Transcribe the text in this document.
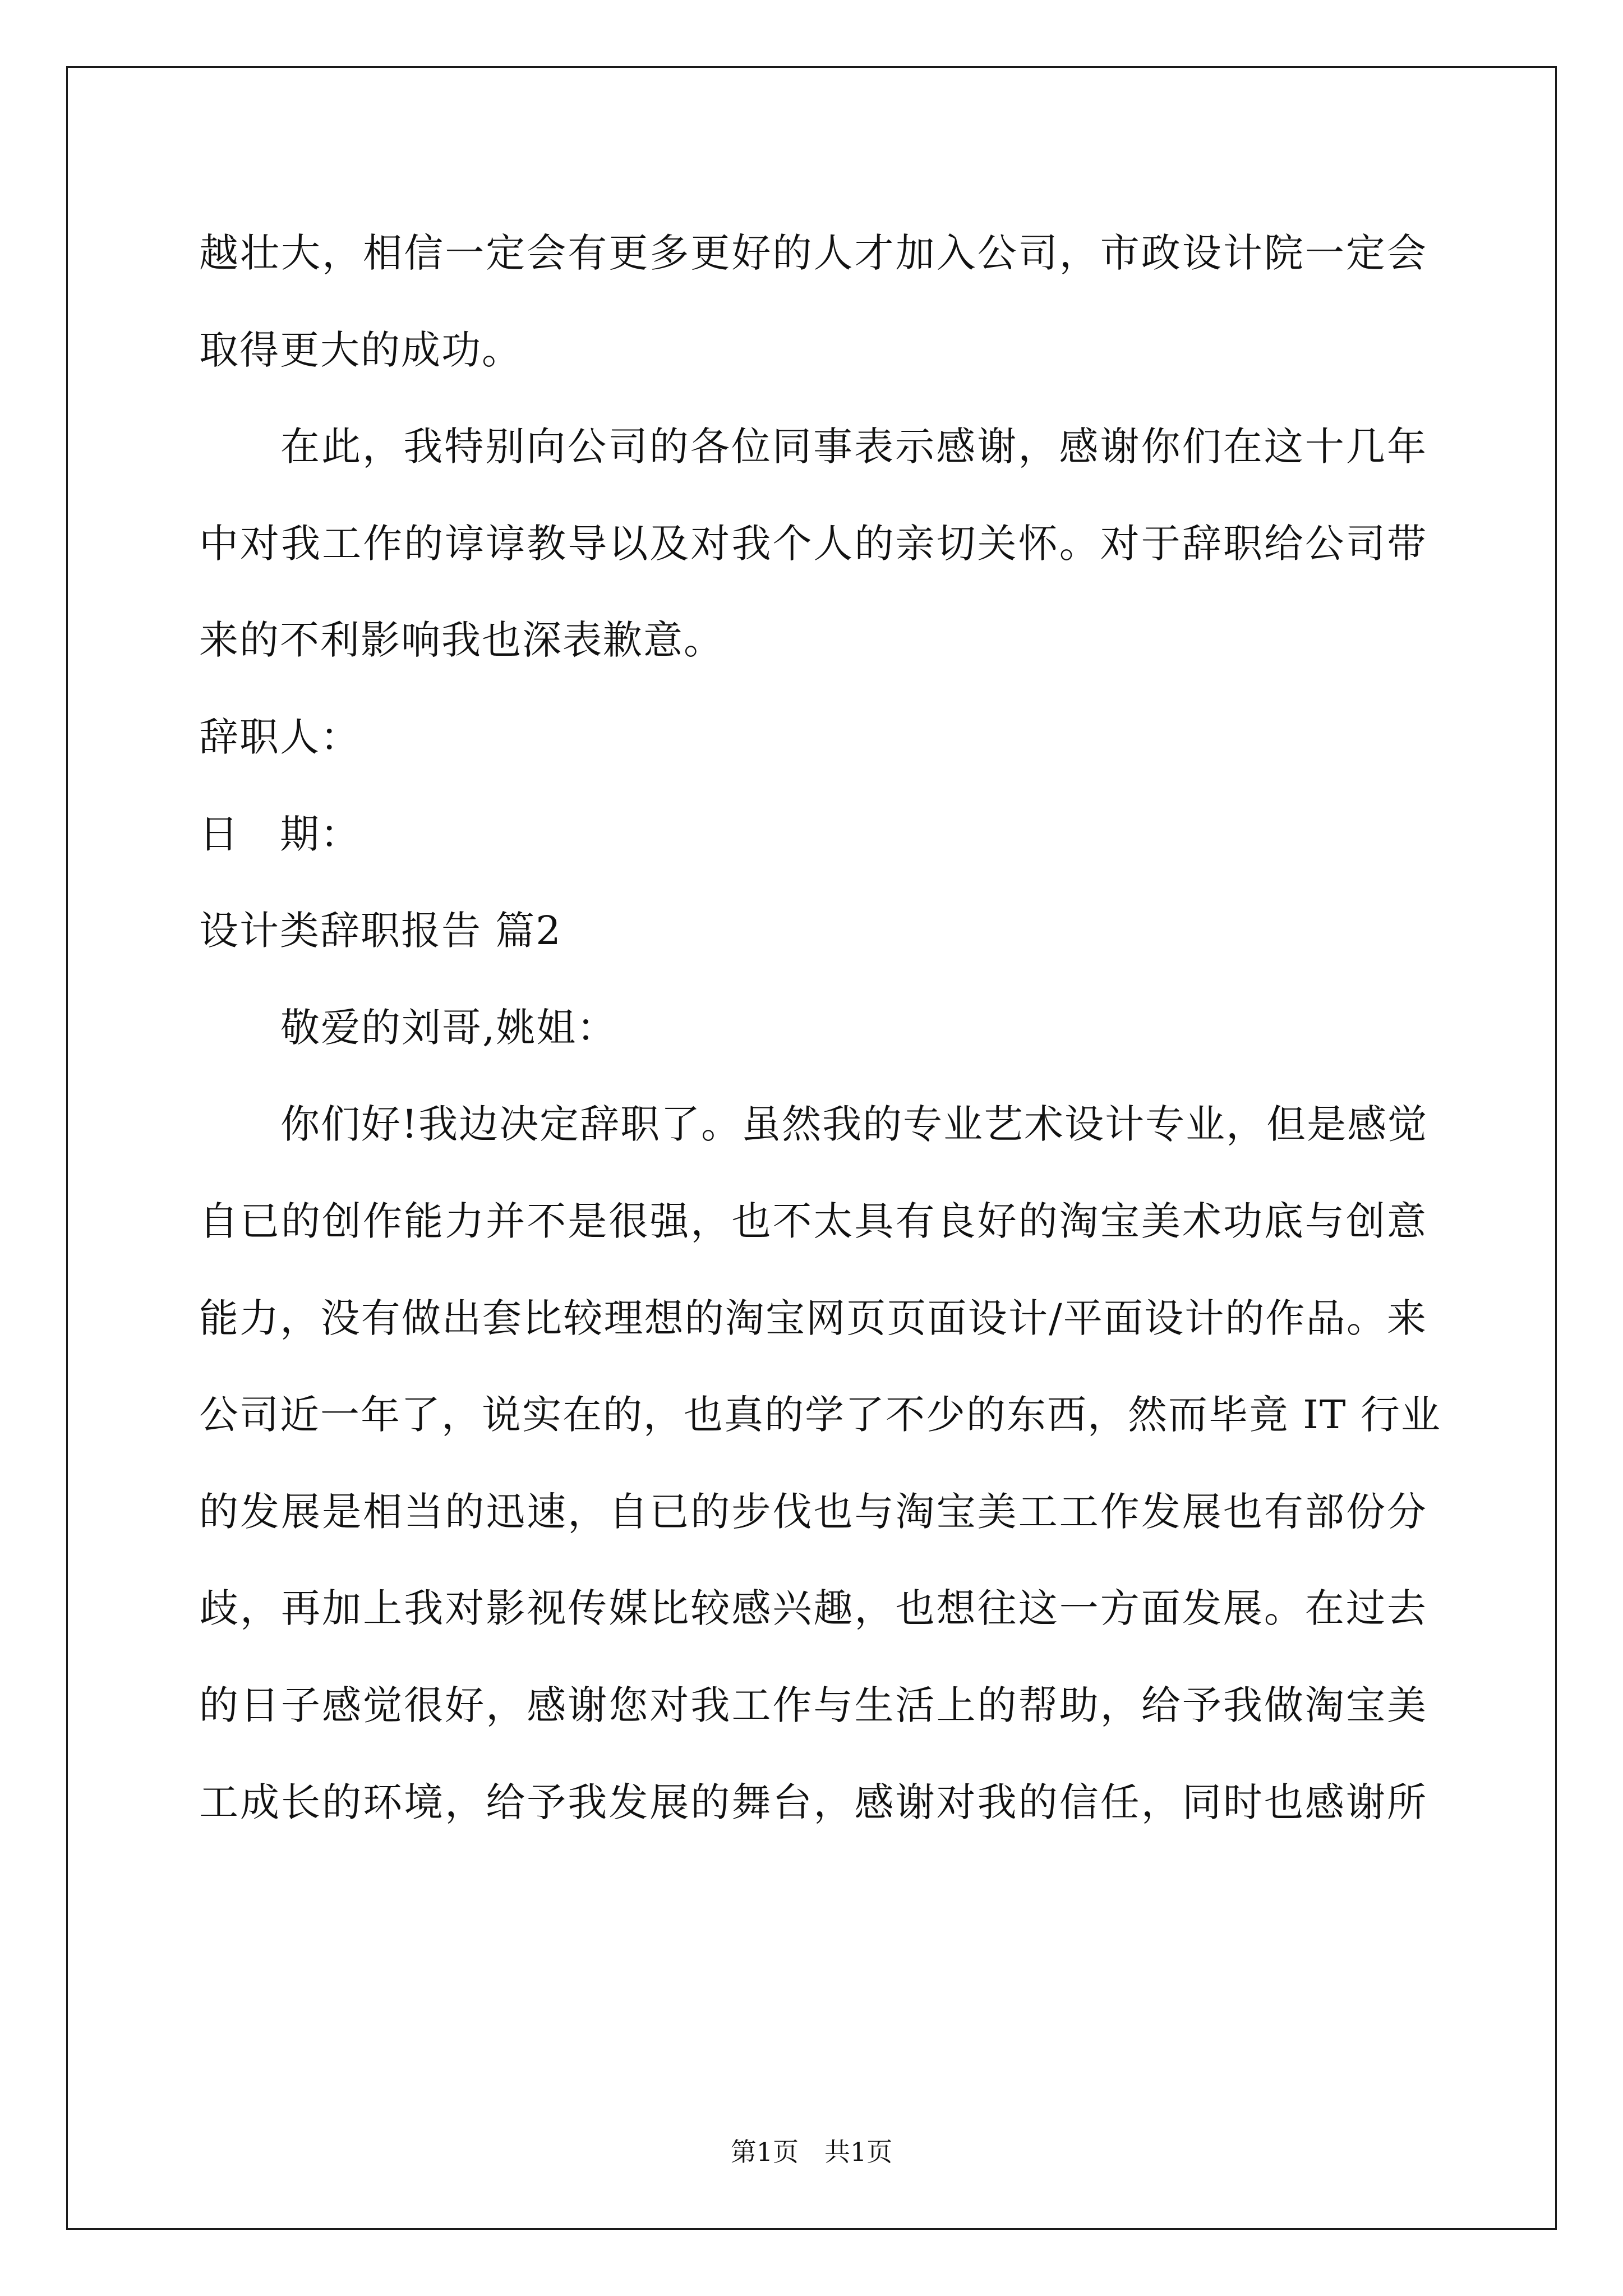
越壮大，相信一定会有更多更好的人才加入公司，市政设计院一定会
取得更大的成功。
在此，我特别向公司的各位同事表示感谢，感谢你们在这十几年
中对我工作的谆谆教导以及对我个人的亲切关怀。对于辞职给公司带
来的不利影响我也深表歉意。
辞职人：
日　期：
设计类辞职报告 篇2
敬爱的刘哥,姚姐：
你们好!我边决定辞职了。虽然我的专业艺术设计专业，但是感觉
自已的创作能力并不是很强，也不太具有良好的淘宝美术功底与创意
能力，没有做出套比较理想的淘宝网页页面设计/平面设计的作品。来
公司近一年了，说实在的，也真的学了不少的东西，然而毕竟 IT 行业
的发展是相当的迅速，自已的步伐也与淘宝美工工作发展也有部份分
歧，再加上我对影视传媒比较感兴趣，也想往这一方面发展。在过去
的日子感觉很好，感谢您对我工作与生活上的帮助，给予我做淘宝美
工成长的环境，给予我发展的舞台，感谢对我的信任，同时也感谢所
第1页　共1页
